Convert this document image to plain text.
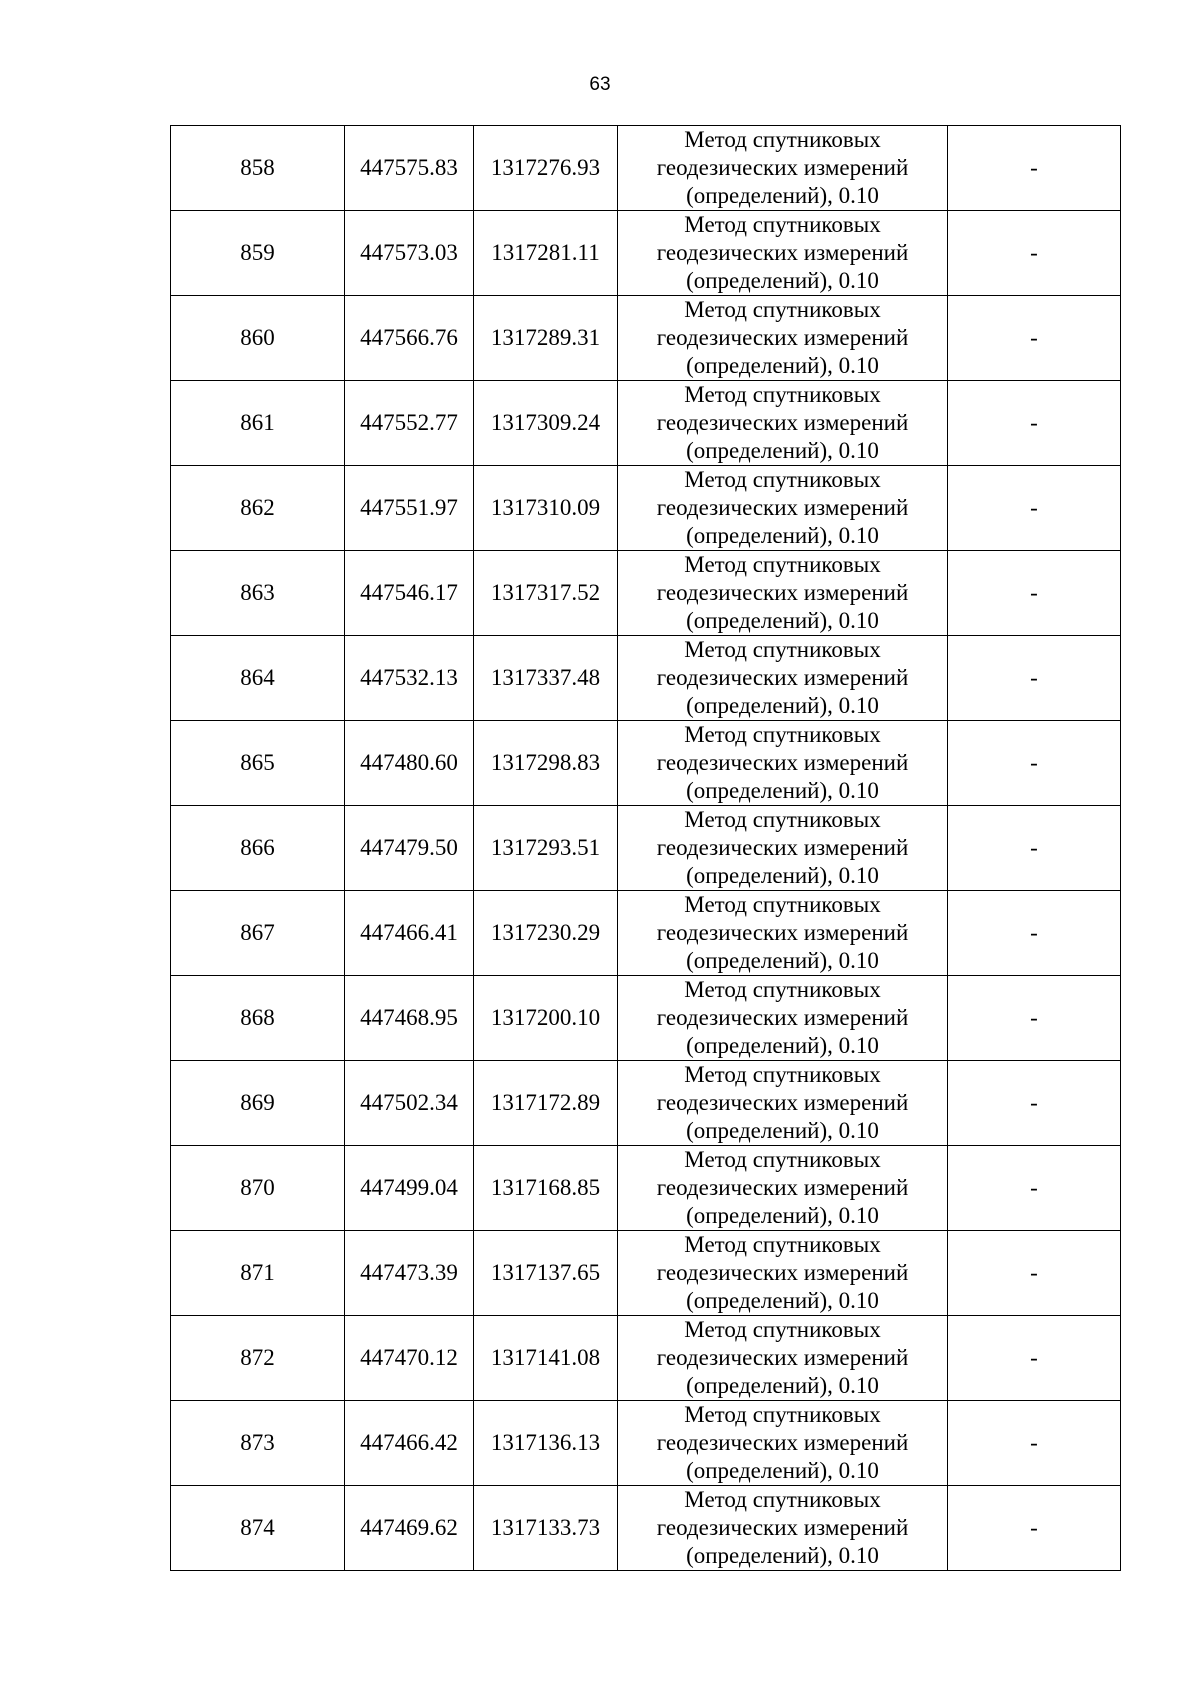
63
858	447575.83	1317276.93	Метод спутниковых
геодезических измерений
(определений), 0.10	-
859	447573.03	1317281.11	Метод спутниковых
геодезических измерений
(определений), 0.10	-
860	447566.76	1317289.31	Метод спутниковых
геодезических измерений
(определений), 0.10	-
861	447552.77	1317309.24	Метод спутниковых
геодезических измерений
(определений), 0.10	-
862	447551.97	1317310.09	Метод спутниковых
геодезических измерений
(определений), 0.10	-
863	447546.17	1317317.52	Метод спутниковых
геодезических измерений
(определений), 0.10	-
864	447532.13	1317337.48	Метод спутниковых
геодезических измерений
(определений), 0.10	-
865	447480.60	1317298.83	Метод спутниковых
геодезических измерений
(определений), 0.10	-
866	447479.50	1317293.51	Метод спутниковых
геодезических измерений
(определений), 0.10	-
867	447466.41	1317230.29	Метод спутниковых
геодезических измерений
(определений), 0.10	-
868	447468.95	1317200.10	Метод спутниковых
геодезических измерений
(определений), 0.10	-
869	447502.34	1317172.89	Метод спутниковых
геодезических измерений
(определений), 0.10	-
870	447499.04	1317168.85	Метод спутниковых
геодезических измерений
(определений), 0.10	-
871	447473.39	1317137.65	Метод спутниковых
геодезических измерений
(определений), 0.10	-
872	447470.12	1317141.08	Метод спутниковых
геодезических измерений
(определений), 0.10	-
873	447466.42	1317136.13	Метод спутниковых
геодезических измерений
(определений), 0.10	-
874	447469.62	1317133.73	Метод спутниковых
геодезических измерений
(определений), 0.10	-
